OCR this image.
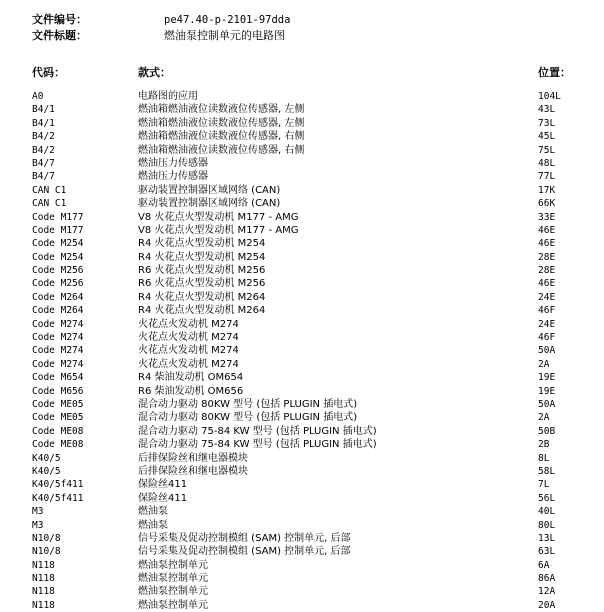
文件编号：	pe47.40-p-2101-97dda
文件标题：	燃油泵控制单元的电路图
代码：	款式：	位置：
A0	电路图的应用	104L
B4/1	燃油箱燃油液位读数液位传感器, 左侧	43L
B4/1	燃油箱燃油液位读数液位传感器, 左侧	73L
B4/2	燃油箱燃油液位读数液位传感器, 右侧	45L
B4/2	燃油箱燃油液位读数液位传感器, 右侧	75L
B4/7	燃油压力传感器	48L
B4/7	燃油压力传感器	77L
CAN C1	驱动装置控制器区域网络 (CAN)	17K
CAN C1	驱动装置控制器区域网络 (CAN)	66K
Code M177	V8 火花点火型发动机 M177 - AMG	33E
Code M177	V8 火花点火型发动机 M177 - AMG	46E
Code M254	R4 火花点火型发动机 M254	46E
Code M254	R4 火花点火型发动机 M254	28E
Code M256	R6 火花点火型发动机 M256	28E
Code M256	R6 火花点火型发动机 M256	46E
Code M264	R4 火花点火型发动机 M264	24E
Code M264	R4 火花点火型发动机 M264	46F
Code M274	火花点火发动机 M274	24E
Code M274	火花点火发动机 M274	46F
Code M274	火花点火发动机 M274	50A
Code M274	火花点火发动机 M274	2A
Code M654	R4 柴油发动机 OM654	19E
Code M656	R6 柴油发动机 OM656	19E
Code ME05	混合动力驱动 80KW 型号 (包括 PLUGIN 插电式)	50A
Code ME05	混合动力驱动 80KW 型号 (包括 PLUGIN 插电式)	2A
Code ME08	混合动力驱动 75-84 KW 型号 (包括 PLUGIN 插电式)	50B
Code ME08	混合动力驱动 75-84 KW 型号 (包括 PLUGIN 插电式)	2B
K40/5	后排保险丝和继电器模块	8L
K40/5	后排保险丝和继电器模块	58L
K40/5f411	保险丝411	7L
K40/5f411	保险丝411	56L
M3	燃油泵	40L
M3	燃油泵	80L
N10/8	信号采集及促动控制模组 (SAM) 控制单元, 后部	13L
N10/8	信号采集及促动控制模组 (SAM) 控制单元, 后部	63L
N118	燃油泵控制单元	6A
N118	燃油泵控制单元	86A
N118	燃油泵控制单元	12A
N118	燃油泵控制单元	20A
